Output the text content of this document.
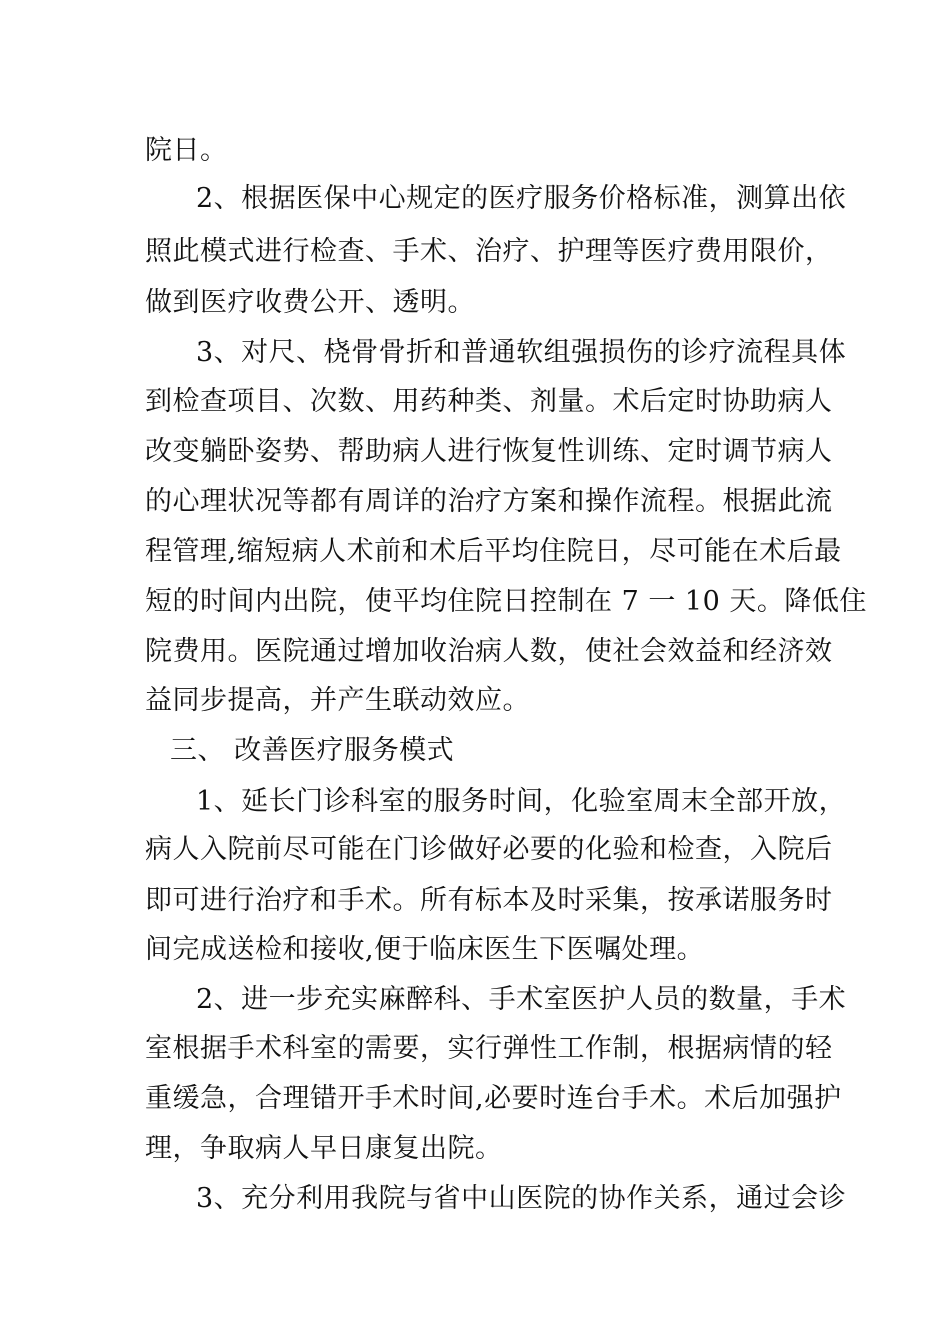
院日。
2、根据医保中心规定的医疗服务价格标准，测算出依
照此模式进行检查、手术、治疗、护理等医疗费用限价，
做到医疗收费公开、透明。
3、对尺、桡骨骨折和普通软组强损伤的诊疗流程具体
到检查项目、次数、用药种类、剂量。术后定时协助病人
改变躺卧姿势、帮助病人进行恢复性训练、定时调节病人
的心理状况等都有周详的治疗方案和操作流程。根据此流
程管理,缩短病人术前和术后平均住院日，尽可能在术后最
短的时间内出院，使平均住院日控制在 7 一 10 天。降低住
院费用。医院通过增加收治病人数，使社会效益和经济效
益同步提高，并产生联动效应。
三、 改善医疗服务模式
1、延长门诊科室的服务时间，化验室周末全部开放，
病人入院前尽可能在门诊做好必要的化验和检查，入院后
即可进行治疗和手术。所有标本及时采集，按承诺服务时
间完成送检和接收,便于临床医生下医嘱处理。
2、进一步充实麻醉科、手术室医护人员的数量，手术
室根据手术科室的需要，实行弹性工作制，根据病情的轻
重缓急，合理错开手术时间,必要时连台手术。术后加强护
理，争取病人早日康复出院。
3、充分利用我院与省中山医院的协作关系，通过会诊
